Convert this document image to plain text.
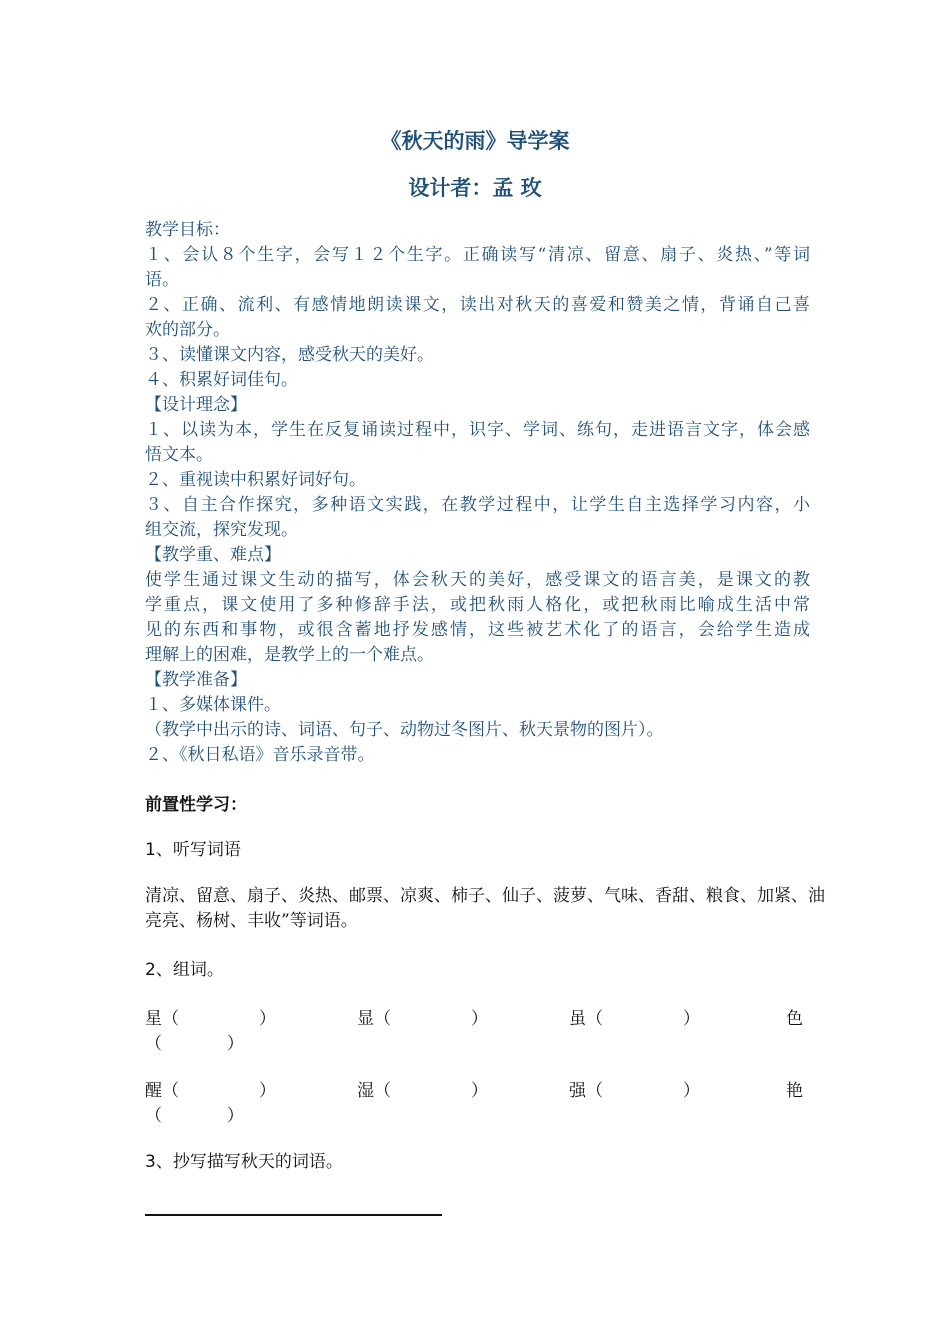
《秋天的雨》导学案
设计者：孟 玫
教学目标：
１、会认８个生字，会写１２个生字。正确读写“清凉、留意、扇子、炎热、”等词
语。
２、正确、流利、有感情地朗读课文，读出对秋天的喜爱和赞美之情，背诵自己喜
欢的部分。
３、读懂课文内容，感受秋天的美好。
４、积累好词佳句。
【设计理念】
１、以读为本，学生在反复诵读过程中，识字、学词、练句，走进语言文字，体会感
悟文本。
２、重视读中积累好词好句。
３、自主合作探究，多种语文实践，在教学过程中，让学生自主选择学习内容，小
组交流，探究发现。
【教学重、难点】
使学生通过课文生动的描写，体会秋天的美好，感受课文的语言美，是课文的教
学重点，课文使用了多种修辞手法，或把秋雨人格化，或把秋雨比喻成生活中常
见的东西和事物，或很含蓄地抒发感情，这些被艺术化了的语言，会给学生造成
理解上的困难，是教学上的一个难点。
【教学准备】
１、多媒体课件。
（教学中出示的诗、词语、句子、动物过冬图片、秋天景物的图片）。
２、《秋日私语》音乐录音带。
前置性学习：
1、听写词语
清凉、留意、扇子、炎热、邮票、凉爽、柿子、仙子、菠萝、气味、香甜、粮食、加紧、油
亮亮、杨树、丰收”等词语。
2、组词。
星（	）	显（	）	虽（	）	色
（            ）
醒（	）	湿（	）	强（	）	艳
（            ）
3、抄写描写秋天的词语。
